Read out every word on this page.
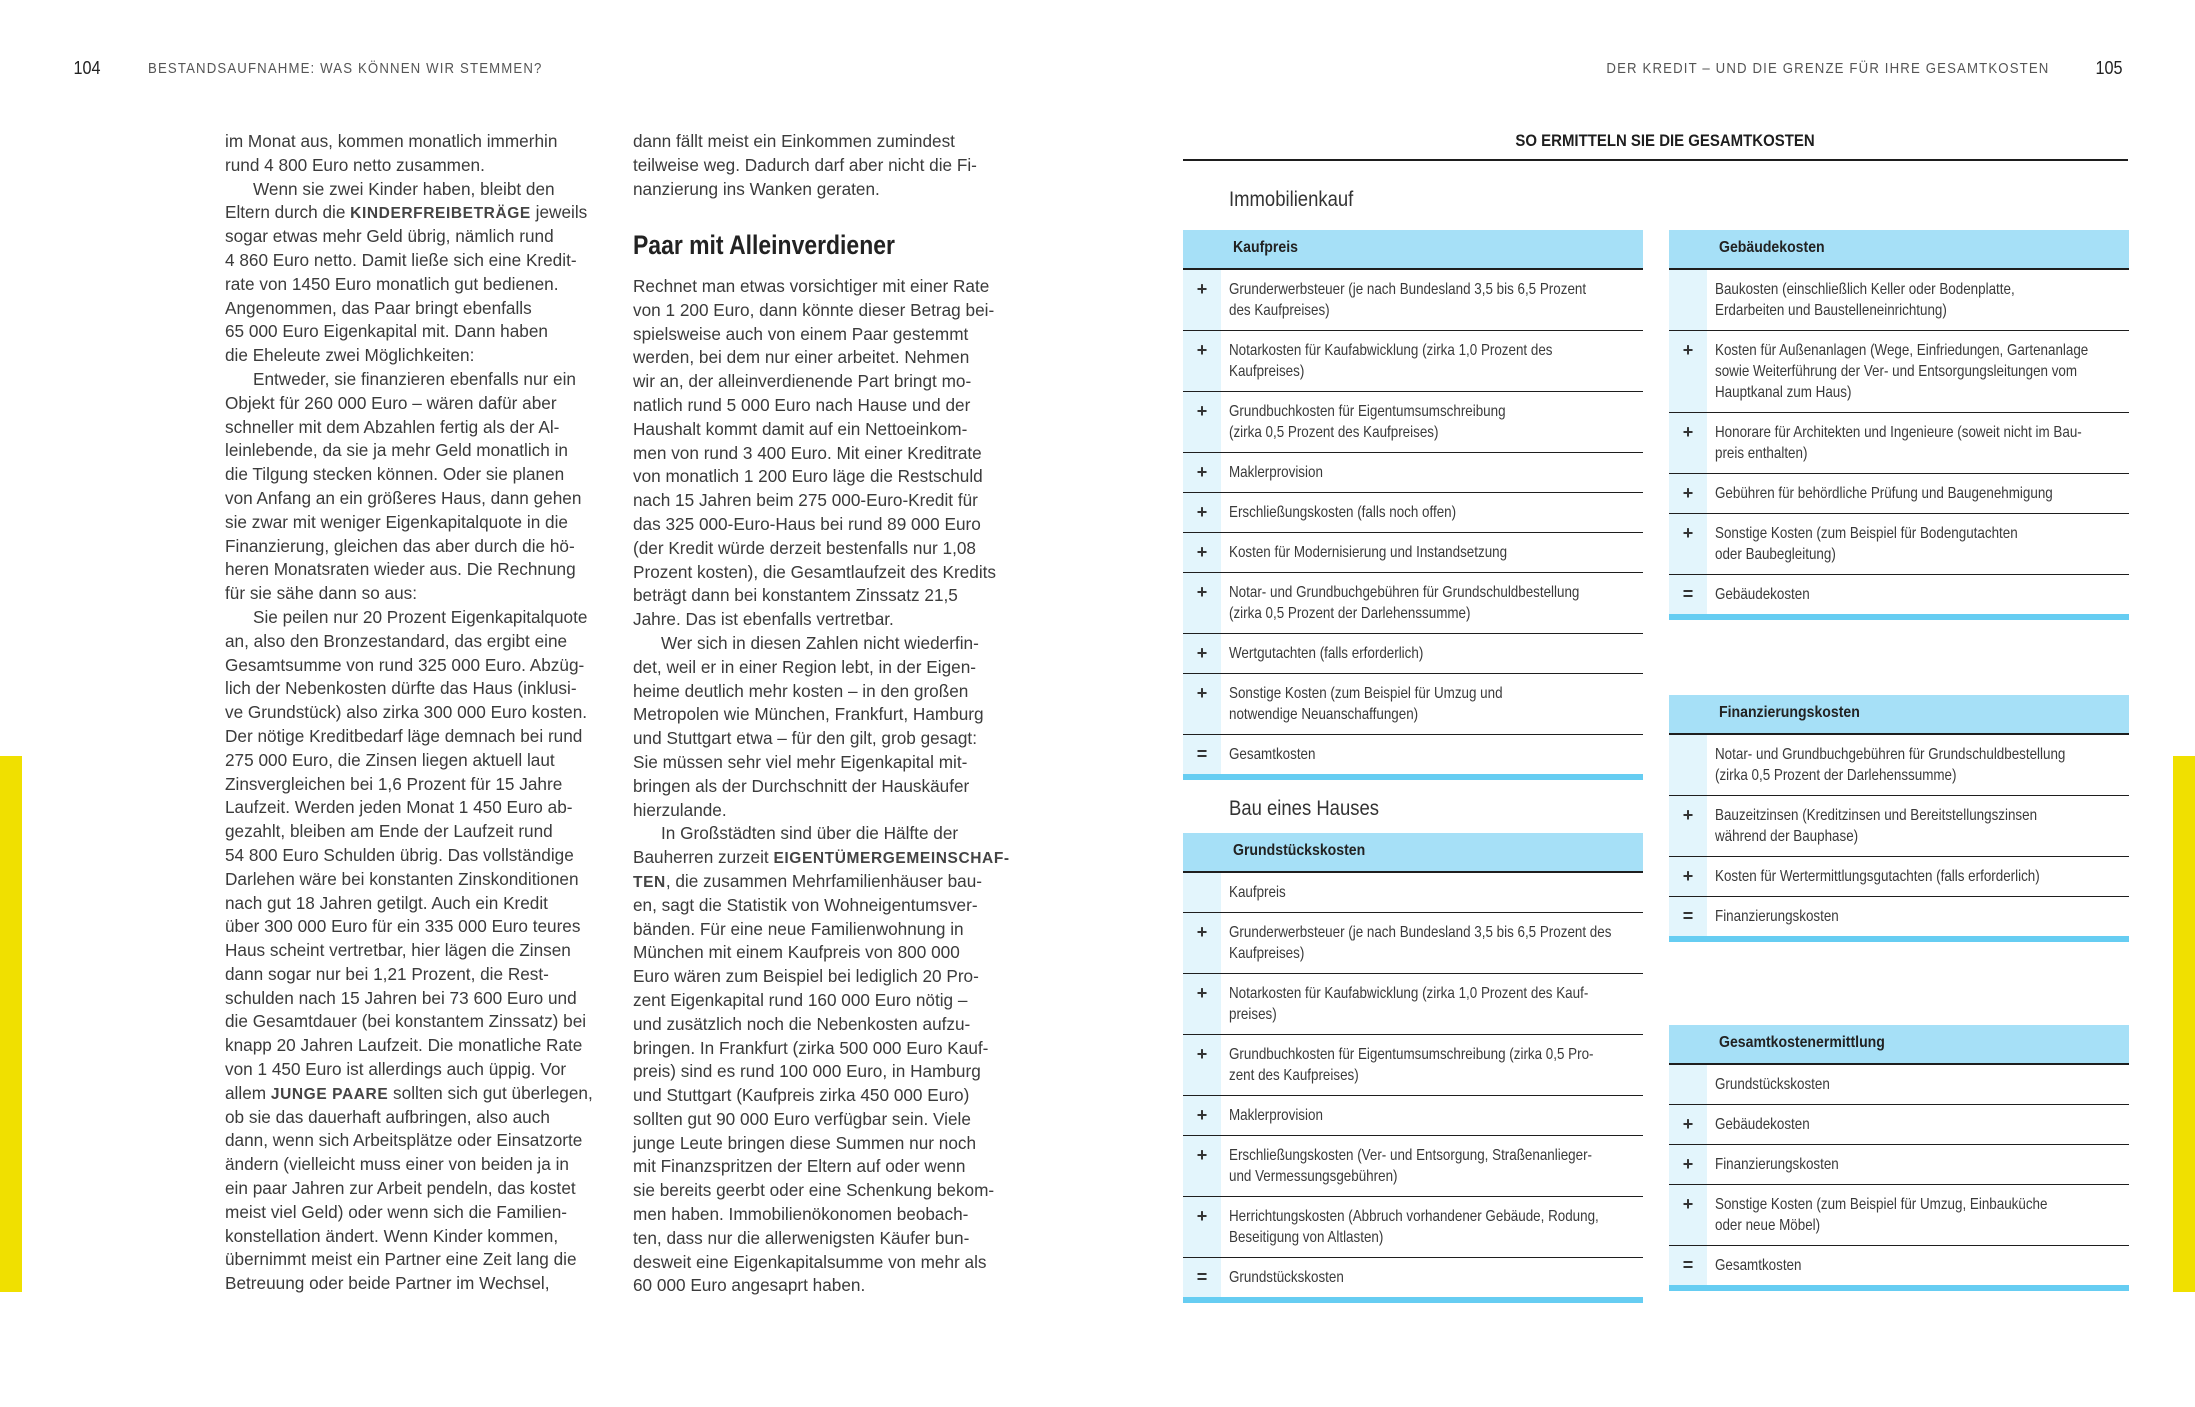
104	BESTANDSAUFNAHME: WAS KÖNNEN WIR STEMMEN?	DER KREDIT – UND DIE GRENZE FÜR IHRE GESAMTKOSTEN	105
im Monat aus, kommen monatlich immerhin
rund 4 800 Euro netto zusammen.
Wenn sie zwei Kinder haben, bleibt den
Eltern durch die KINDERFREIBETRÄGE jeweils
sogar etwas mehr Geld übrig, nämlich rund
4 860 Euro netto. Damit ließe sich eine Kredit-
rate von 1450 Euro monatlich gut bedienen.
Angenommen, das Paar bringt ebenfalls
65 000 Euro Eigenkapital mit. Dann haben
die Eheleute zwei Möglichkeiten:
Entweder, sie finanzieren ebenfalls nur ein
Objekt für 260 000 Euro – wären dafür aber
schneller mit dem Abzahlen fertig als der Al-
leinlebende, da sie ja mehr Geld monatlich in
die Tilgung stecken können. Oder sie planen
von Anfang an ein größeres Haus, dann gehen
sie zwar mit weniger Eigenkapitalquote in die
Finanzierung, gleichen das aber durch die hö-
heren Monatsraten wieder aus. Die Rechnung
für sie sähe dann so aus:
Sie peilen nur 20 Prozent Eigenkapitalquote
an, also den Bronzestandard, das ergibt eine
Gesamtsumme von rund 325 000 Euro. Abzüg-
lich der Nebenkosten dürfte das Haus (inklusi-
ve Grundstück) also zirka 300 000 Euro kosten.
Der nötige Kreditbedarf läge demnach bei rund
275 000 Euro, die Zinsen liegen aktuell laut
Zinsvergleichen bei 1,6 Prozent für 15 Jahre
Laufzeit. Werden jeden Monat 1 450 Euro ab-
gezahlt, bleiben am Ende der Laufzeit rund
54 800 Euro Schulden übrig. Das vollständige
Darlehen wäre bei konstanten Zinskonditionen
nach gut 18 Jahren getilgt. Auch ein Kredit
über 300 000 Euro für ein 335 000 Euro teures
Haus scheint vertretbar, hier lägen die Zinsen
dann sogar nur bei 1,21 Prozent, die Rest-
schulden nach 15 Jahren bei 73 600 Euro und
die Gesamtdauer (bei konstantem Zinssatz) bei
knapp 20 Jahren Laufzeit. Die monatliche Rate
von 1 450 Euro ist allerdings auch üppig. Vor
allem JUNGE PAARE sollten sich gut überlegen,
ob sie das dauerhaft aufbringen, also auch
dann, wenn sich Arbeitsplätze oder Einsatzorte
ändern (vielleicht muss einer von beiden ja in
ein paar Jahren zur Arbeit pendeln, das kostet
meist viel Geld) oder wenn sich die Familien-
konstellation ändert. Wenn Kinder kommen,
übernimmt meist ein Partner eine Zeit lang die
Betreuung oder beide Partner im Wechsel,
dann fällt meist ein Einkommen zumindest
teilweise weg. Dadurch darf aber nicht die Fi-
nanzierung ins Wanken geraten.
Paar mit Alleinverdiener
Rechnet man etwas vorsichtiger mit einer Rate
von 1 200 Euro, dann könnte dieser Betrag bei-
spielsweise auch von einem Paar gestemmt
werden, bei dem nur einer arbeitet. Nehmen
wir an, der alleinverdienende Part bringt mo-
natlich rund 5 000 Euro nach Hause und der
Haushalt kommt damit auf ein Nettoeinkom-
men von rund 3 400 Euro. Mit einer Kreditrate
von monatlich 1 200 Euro läge die Restschuld
nach 15 Jahren beim 275 000-Euro-Kredit für
das 325 000-Euro-Haus bei rund 89 000 Euro
(der Kredit würde derzeit bestenfalls nur 1,08
Prozent kosten), die Gesamtlaufzeit des Kredits
beträgt dann bei konstantem Zinssatz 21,5
Jahre. Das ist ebenfalls vertretbar.
Wer sich in diesen Zahlen nicht wiederfin-
det, weil er in einer Region lebt, in der Eigen-
heime deutlich mehr kosten – in den großen
Metropolen wie München, Frankfurt, Hamburg
und Stuttgart etwa – für den gilt, grob gesagt:
Sie müssen sehr viel mehr Eigenkapital mit-
bringen als der Durchschnitt der Hauskäufer
hierzulande.
In Großstädten sind über die Hälfte der
Bauherren zurzeit EIGENTÜMERGEMEINSCHAF-
TEN, die zusammen Mehrfamilienhäuser bau-
en, sagt die Statistik von Wohneigentumsver-
bänden. Für eine neue Familienwohnung in
München mit einem Kaufpreis von 800 000
Euro wären zum Beispiel bei lediglich 20 Pro-
zent Eigenkapital rund 160 000 Euro nötig –
und zusätzlich noch die Nebenkosten aufzu-
bringen. In Frankfurt (zirka 500 000 Euro Kauf-
preis) sind es rund 100 000 Euro, in Hamburg
und Stuttgart (Kaufpreis zirka 450 000 Euro)
sollten gut 90 000 Euro verfügbar sein. Viele
junge Leute bringen diese Summen nur noch
mit Finanzspritzen der Eltern auf oder wenn
sie bereits geerbt oder eine Schenkung bekom-
men haben. Immobilienökonomen beobach-
ten, dass nur die allerwenigsten Käufer bun-
desweit eine Eigenkapitalsumme von mehr als
60 000 Euro angesaprt haben.
SO ERMITTELN SIE DIE GESAMTKOSTEN
Immobilienkauf
Bau eines Hauses
Kaufpreis
+ Grunderwerbsteuer (je nach Bundesland 3,5 bis 6,5 Prozent
des Kaufpreises)
+ Notarkosten für Kaufabwicklung (zirka 1,0 Prozent des
Kaufpreises)
+ Grundbuchkosten für Eigentumsumschreibung
(zirka 0,5 Prozent des Kaufpreises)
+ Maklerprovision
+ Erschließungskosten (falls noch offen)
+ Kosten für Modernisierung und Instandsetzung
+ Notar- und Grundbuchgebühren für Grundschuldbestellung
(zirka 0,5 Prozent der Darlehenssumme)
+ Wertgutachten (falls erforderlich)
+ Sonstige Kosten (zum Beispiel für Umzug und
notwendige Neuanschaffungen)
= Gesamtkosten
Grundstückskosten
Kaufpreis
+ Grunderwerbsteuer (je nach Bundesland 3,5 bis 6,5 Prozent des
Kaufpreises)
+ Notarkosten für Kaufabwicklung (zirka 1,0 Prozent des Kauf-
preises)
+ Grundbuchkosten für Eigentumsumschreibung (zirka 0,5 Pro-
zent des Kaufpreises)
+ Maklerprovision
+ Erschließungskosten (Ver- und Entsorgung, Straßenanlieger-
und Vermessungsgebühren)
+ Herrichtungskosten (Abbruch vorhandener Gebäude, Rodung,
Beseitigung von Altlasten)
= Grundstückskosten
Gebäudekosten
Baukosten (einschließlich Keller oder Bodenplatte,
Erdarbeiten und Baustelleneinrichtung)
+ Kosten für Außenanlagen (Wege, Einfriedungen, Gartenanlage
sowie Weiterführung der Ver- und Entsorgungsleitungen vom
Hauptkanal zum Haus)
+ Honorare für Architekten und Ingenieure (soweit nicht im Bau-
preis enthalten)
+ Gebühren für behördliche Prüfung und Baugenehmigung
+ Sonstige Kosten (zum Beispiel für Bodengutachten
oder Baubegleitung)
= Gebäudekosten
Finanzierungskosten
Notar- und Grundbuchgebühren für Grundschuldbestellung
(zirka 0,5 Prozent der Darlehenssumme)
+ Bauzeitzinsen (Kreditzinsen und Bereitstellungszinsen
während der Bauphase)
+ Kosten für Wertermittlungsgutachten (falls erforderlich)
= Finanzierungskosten
Gesamtkostenermittlung
Grundstückskosten
+ Gebäudekosten
+ Finanzierungskosten
+ Sonstige Kosten (zum Beispiel für Umzug, Einbauküche
oder neue Möbel)
= Gesamtkosten
